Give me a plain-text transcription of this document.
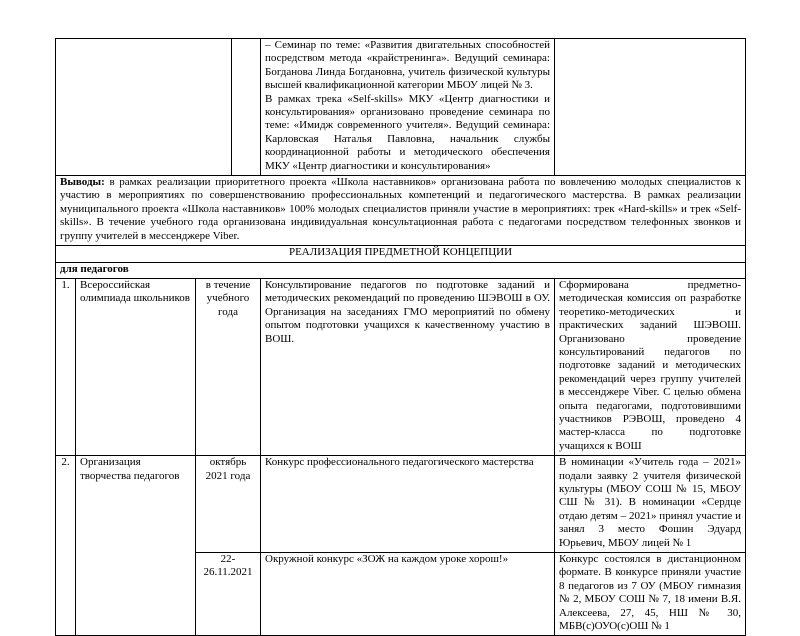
				– Семинар по теме: «Развития двигательных способностей посредством метода «крайстренинга». Ведущий семинара: Богданова Линда Богдановна, учитель физической культуры высшей квалификационной категории МБОУ лицей № 3.
В рамках трека «Self-skills» МКУ «Центр диагностики и консультирования» организовано проведение семинара по теме: «Имидж современного учителя». Ведущий семинара: Карловская Наталья Павловна, начальник службы координационной работы и методического обеспечения МКУ «Центр диагностики и консультирования»	

Выводы: в рамках реализации приоритетного проекта «Школа наставников» организована работа по вовлечению молодых специалистов к участию в мероприятиях по совершенствованию профессиональных компетенций и педагогического мастерства. В рамках реализации муниципального проекта «Школа наставников» 100% молодых специалистов приняли участие в мероприятиях: трек «Hard-skills» и трек «Self-skills». В течение учебного года организована индивидуальная консультационная работа с педагогами посредством телефонных звонков и группу учителей в мессенджере Viber.					
РЕАЛИЗАЦИЯ ПРЕДМЕТНОЙ КОНЦЕПЦИИ					
для педагогов					
1.	Всероссийская олимпиада школьников	в течение учебного года	Консультирование педагогов по подготовке заданий и методических рекомендаций по проведению ШЭВОШ в ОУ. Организация на заседаниях ГМО мероприятий по обмену опытом подготовки учащихся к качественному участию в ВОШ.	Сформирована предметно-методическая комиссия оп разработке теоретико-методических и практических заданий ШЭВОШ. Организовано проведение консультирований педагогов по подготовке заданий и методических рекомендаций через группу учителей в мессенджере Viber. С целью обмена опыта педагогами, подготовившими участников РЭВОШ, проведено 4 мастер-класса по подготовке учащихся к ВОШ
2.	Организация творчества педагогов	октябрь 2021 года		Конкурс профессионального педагогического мастерства	В номинации «Учитель года – 2021» подали заявку 2 учителя физической культуры (МБОУ СОШ № 15, МБОУ СШ № 31). В номинации «Сердце отдаю детям – 2021» принял участие и занял 3 место Фошин Эдуард Юрьевич, МБОУ лицей № 1
		22-26.11.2021		Окружной конкурс «ЗОЖ на каждом уроке хорош!»	Конкурс состоялся в дистанционном формате. В конкурсе приняли участие 8 педагогов из 7 ОУ (МБОУ гимназия № 2, МБОУ СОШ № 7, 18 имени В.Я. Алексеева, 27, 45, НШ № 30, МБВ(с)ОУО(с)ОШ № 1
